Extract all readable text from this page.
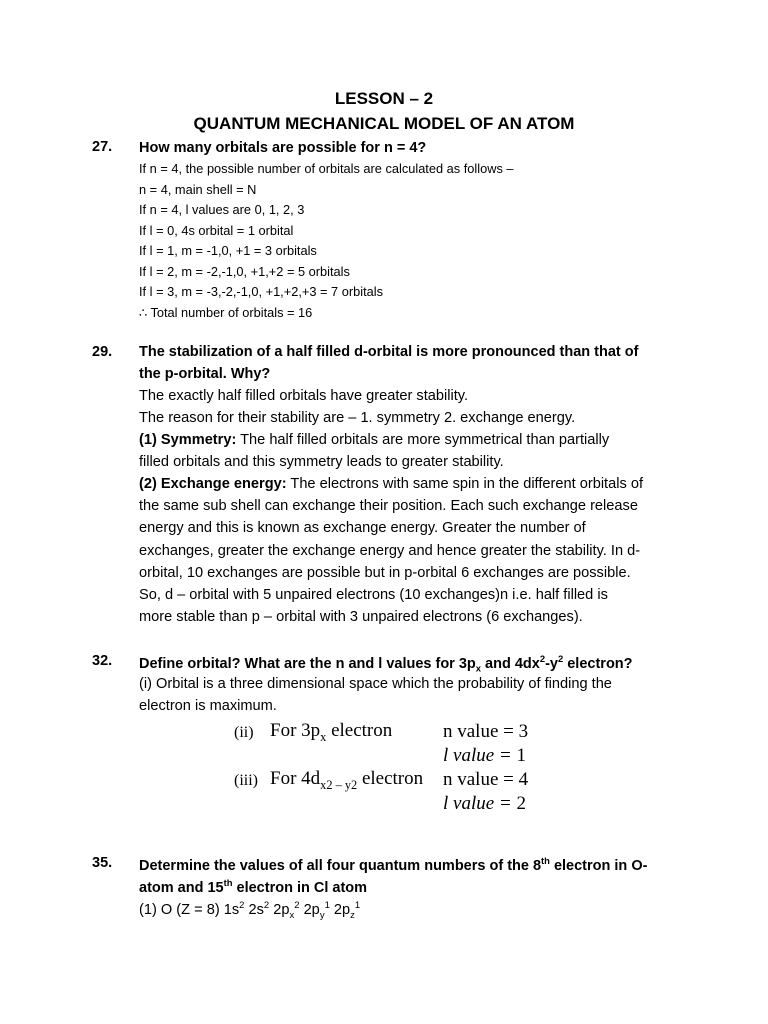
LESSON – 2
QUANTUM MECHANICAL MODEL OF AN ATOM
27. How many orbitals are possible for n = 4?
If n = 4, the possible number of orbitals are calculated as follows –
n = 4, main shell = N
If n = 4, l values are 0, 1, 2, 3
If l = 0, 4s orbital = 1 orbital
If l = 1, m = -1,0, +1 = 3 orbitals
If l = 2, m = -2,-1,0, +1,+2 = 5 orbitals
If l = 3, m = -3,-2,-1,0, +1,+2,+3 = 7 orbitals
∴ Total number of orbitals = 16
29. The stabilization of a half filled d-orbital is more pronounced than that of
the p-orbital. Why?
The exactly half filled orbitals have greater stability.
The reason for their stability are – 1. symmetry 2. exchange energy.
(1) Symmetry: The half filled orbitals are more symmetrical than partially
filled orbitals and this symmetry leads to greater stability.
(2) Exchange energy: The electrons with same spin in the different orbitals of
the same sub shell can exchange their position. Each such exchange release
energy and this is known as exchange energy. Greater the number of
exchanges, greater the exchange energy and hence greater the stability. In d-
orbital, 10 exchanges are possible but in p-orbital 6 exchanges are possible.
So, d – orbital with 5 unpaired electrons (10 exchanges)n i.e. half filled is
more stable than p – orbital with 3 unpaired electrons (6 exchanges).
32. Define orbital? What are the n and l values for $3p_x$ and $4dx^2-y^2$ electron?
(i) Orbital is a three dimensional space which the probability of finding the
electron is maximum.
(ii) For $3p_x$ electron	n value = 3
l value = 1
(iii) For $4d_{x2 - y2}$ electron n value = 4
l value = 2
35. Determine the values of all four quantum numbers of the 8th electron in O-
atom and 15th electron in Cl atom
(1) O (Z = 8) $1s^2$ $2s^2$ $2p_x^2$ $2p_y^1$ $2p_z^1$
